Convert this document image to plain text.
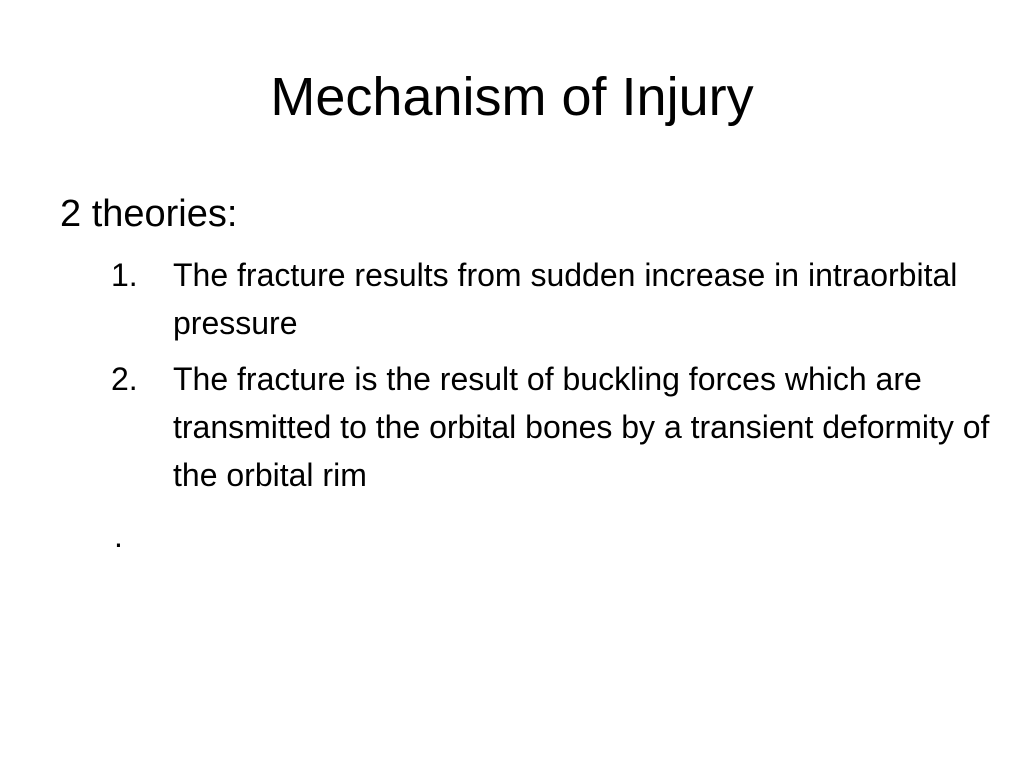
Mechanism of Injury

2 theories:

1.	The fracture results from sudden increase in intraorbital pressure
2.	The fracture is the result of buckling forces which are transmitted to the orbital bones by a transient deformity of the orbital rim

.
